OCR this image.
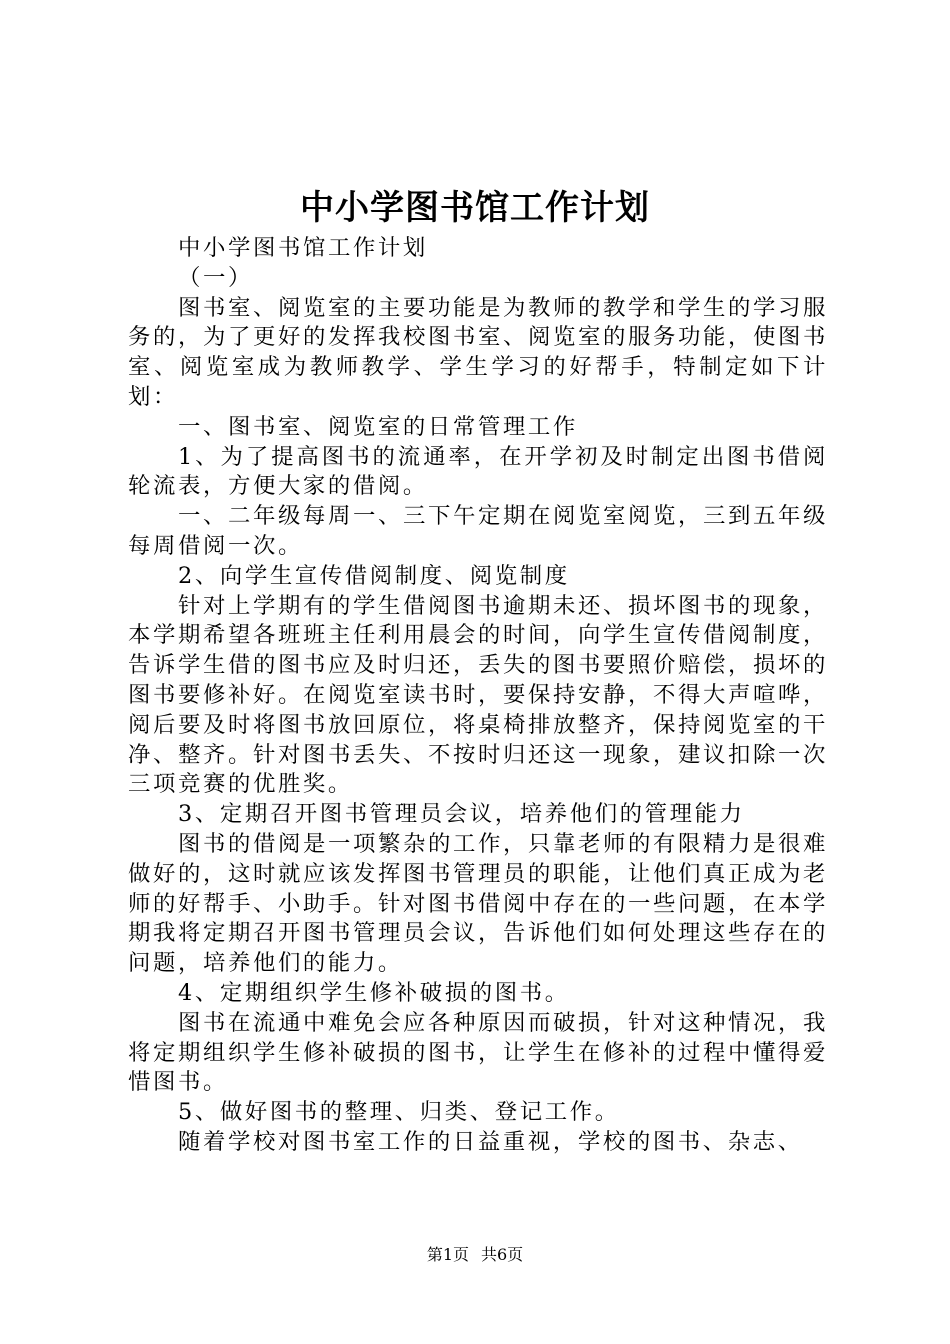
中小学图书馆工作计划

中小学图书馆工作计划

（一）

图书室、阅览室的主要功能是为教师的教学和学生的学习服务的，为了更好的发挥我校图书室、阅览室的服务功能，使图书室、阅览室成为教师教学、学生学习的好帮手，特制定如下计划：

一、图书室、阅览室的日常管理工作

1、为了提高图书的流通率，在开学初及时制定出图书借阅轮流表，方便大家的借阅。

一、二年级每周一、三下午定期在阅览室阅览，三到五年级每周借阅一次。

2、向学生宣传借阅制度、阅览制度

针对上学期有的学生借阅图书逾期未还、损坏图书的现象，本学期希望各班班主任利用晨会的时间，向学生宣传借阅制度，告诉学生借的图书应及时归还，丢失的图书要照价赔偿，损坏的图书要修补好。在阅览室读书时，要保持安静，不得大声喧哗，阅后要及时将图书放回原位，将桌椅排放整齐，保持阅览室的干净、整齐。针对图书丢失、不按时归还这一现象，建议扣除一次三项竞赛的优胜奖。

3、定期召开图书管理员会议，培养他们的管理能力

图书的借阅是一项繁杂的工作，只靠老师的有限精力是很难做好的，这时就应该发挥图书管理员的职能，让他们真正成为老师的好帮手、小助手。针对图书借阅中存在的一些问题，在本学期我将定期召开图书管理员会议，告诉他们如何处理这些存在的问题，培养他们的能力。

4、定期组织学生修补破损的图书。

图书在流通中难免会应各种原因而破损，针对这种情况，我将定期组织学生修补破损的图书，让学生在修补的过程中懂得爱惜图书。

5、做好图书的整理、归类、登记工作。

随着学校对图书室工作的日益重视，学校的图书、杂志、

第1页 共6页
